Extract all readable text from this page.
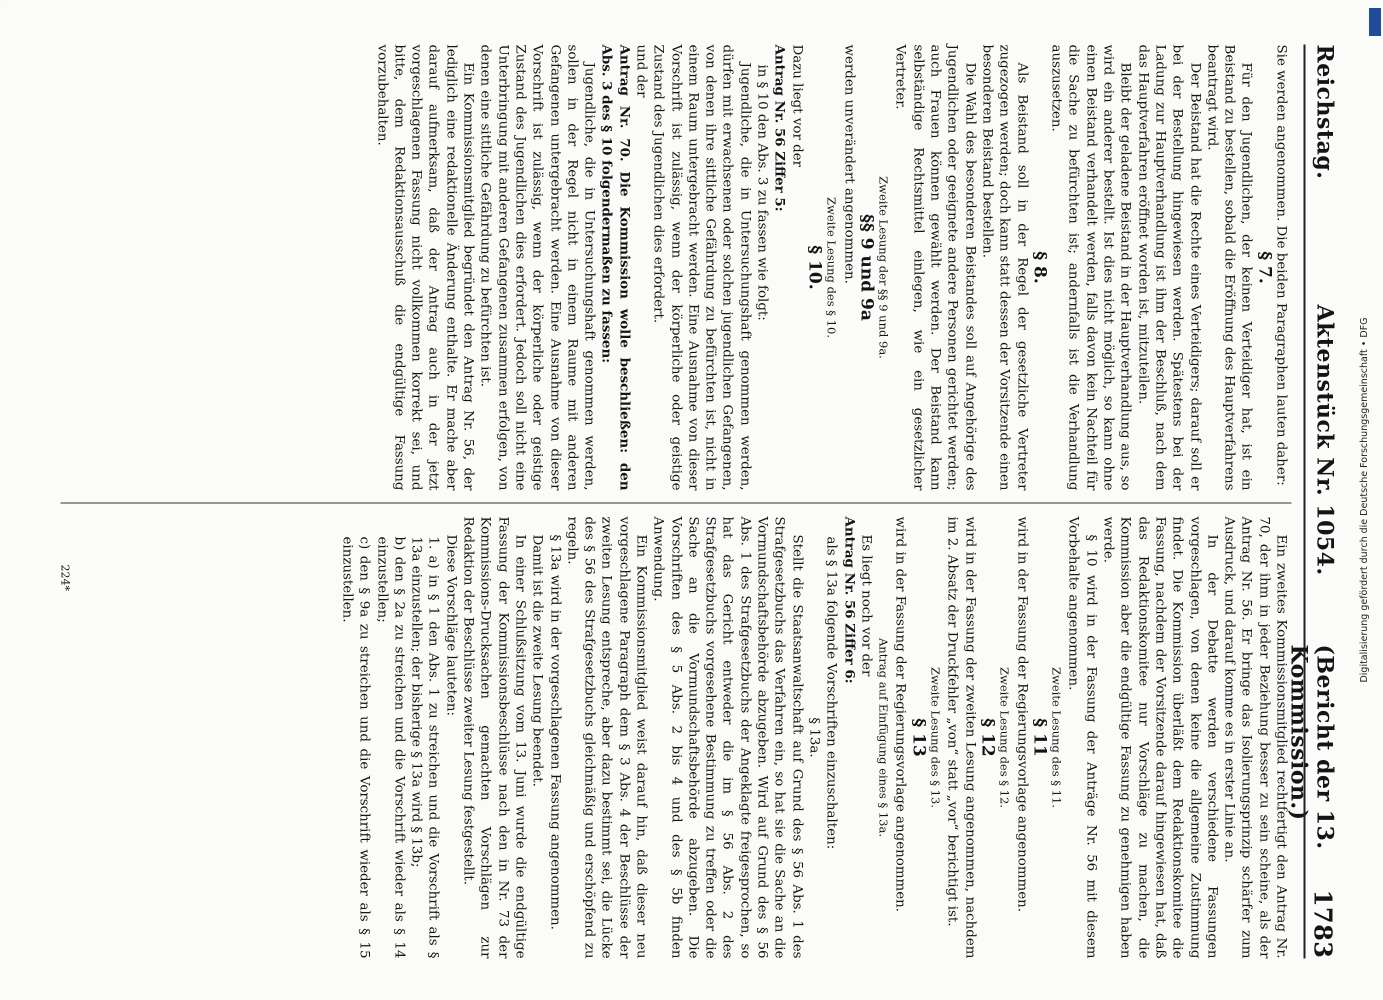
Reichstag.
Aktenstück Nr. 1054.
(Bericht der 13. Kommission.)
1783

Sie werden angenommen. Die beiden Paragraphen lauten daher:

§ 7.

Für den Jugendlichen, der keinen Verteidiger hat, ist ein Beistand zu bestellen, sobald die Eröffnung des Hauptverfahrens beantragt wird.

Der Beistand hat die Rechte eines Verteidigers; darauf soll er bei der Bestellung hingewiesen werden. Spätestens bei der Ladung zur Hauptverhandlung ist ihm der Beschluß, nach dem das Hauptverfahren eröffnet worden ist, mitzuteilen.

Bleibt der geladene Beistand in der Hauptverhandlung aus, so wird ein anderer bestellt. Ist dies nicht möglich, so kann ohne einen Beistand verhandelt werden, falls davon kein Nachteil für die Sache zu befürchten ist; andernfalls ist die Verhandlung auszusetzen.

§ 8.

Als Beistand soll in der Regel der gesetzliche Vertreter zugezogen werden; doch kann statt dessen der Vorsitzende einen besonderen Beistand bestellen.

Die Wahl des besonderen Beistandes soll auf Angehörige des Jugendlichen oder geeignete andere Personen gerichtet werden; auch Frauen können gewählt werden. Der Beistand kann selbständige Rechtsmittel einlegen, wie ein gesetzlicher Vertreter.

Zweite Lesung der §§ 9 und 9a.

§§ 9 und 9a

werden unverändert angenommen.

Zweite Lesung des § 10.

§ 10.

Dazu liegt vor der

Antrag Nr. 56 Ziffer 5:

in § 10 den Abs. 3 zu fassen wie folgt:

Jugendliche, die in Untersuchungshaft genommen werden, dürfen mit erwachsenen oder solchen jugendlichen Gefangenen, von denen ihre sittliche Gefährdung zu befürchten ist, nicht in einem Raum untergebracht werden. Eine Ausnahme von dieser Vorschrift ist zulässig, wenn der körperliche oder geistige Zustand des Jugendlichen dies erfordert.

und der

Antrag Nr. 70. Die Kommission wolle beschließen: den Abs. 3 des § 10 folgendermaßen zu fassen:

Jugendliche, die in Untersuchungshaft genommen werden, sollen in der Regel nicht in einem Raume mit anderen Gefangenen untergebracht werden. Eine Ausnahme von dieser Vorschrift ist zulässig, wenn der körperliche oder geistige Zustand des Jugendlichen dies erfordert. Jedoch soll nicht eine Unterbringung mit anderen Gefangenen zusammen erfolgen, von denen eine sittliche Gefährdung zu befürchten ist.

Ein Kommissionsmitglied begründet den Antrag Nr. 56, der lediglich eine redaktionelle Änderung enthalte. Er mache aber darauf aufmerksam, daß der Antrag auch in der jetzt vorgeschlagenen Fassung nicht vollkommen korrekt sei, und bitte, dem Redaktionsausschuß die endgültige Fassung vorzubehalten.

Ein zweites Kommissionsmitglied rechtfertigt den Antrag Nr. 70, der ihm in jeder Beziehung besser zu sein scheine, als der Antrag Nr. 56. Er bringe das Isolierungsprinzip schärfer zum Ausdruck, und darauf komme es in erster Linie an.

In der Debatte werden verschiedene Fassungen vorgeschlagen, von denen keine die allgemeine Zustimmung findet. Die Kommission überläßt dem Redaktionskomitee die Fassung, nachdem der Vorsitzende darauf hingewiesen hat, daß das Redaktionskomitee nur Vorschläge zu machen, die Kommission aber die endgültige Fassung zu genehmigen haben werde.

§ 10 wird in der Fassung der Anträge Nr. 56 mit diesem Vorbehalte angenommen.

Zweite Lesung des § 11.

§ 11

wird in der Fassung der Regierungsvorlage angenommen.

Zweite Lesung des § 12.

§ 12

wird in der Fassung der zweiten Lesung angenommen, nachdem im 2. Absatz der Druckfehler „von“ statt „vor“ berichtigt ist.

Zweite Lesung des § 13.

§ 13

wird in der Fassung der Regierungsvorlage angenommen.

Antrag auf Einfügung eines § 13a.

Es liegt noch vor der

Antrag Nr. 56 Ziffer 6:

als § 13a folgende Vorschriften einzuschalten:

§ 13a.

Stellt die Staatsanwaltschaft auf Grund des § 56 Abs. 1 des Strafgesetzbuchs das Verfahren ein, so hat sie die Sache an die Vormundschaftsbehörde abzugeben. Wird auf Grund des § 56 Abs. 1 des Strafgesetzbuchs der Angeklagte freigesprochen, so hat das Gericht entweder die im § 56 Abs. 2 des Strafgesetzbuchs vorgesehene Bestimmung zu treffen oder die Sache an die Vormundschaftsbehörde abzugeben. Die Vorschriften des § 5 Abs. 2 bis 4 und des § 5b finden Anwendung.

Ein Kommissionsmitglied weist darauf hin, daß dieser neu vorgeschlagene Paragraph dem § 3 Abs. 4 der Beschlüsse der zweiten Lesung entspreche, aber dazu bestimmt sei, die Lücke des § 56 des Strafgesetzbuchs gleichmäßig und erschöpfend zu regeln.

§ 13a wird in der vorgeschlagenen Fassung angenommen.

Damit ist die zweite Lesung beendet.

In einer Schlußsitzung vom 13. Juni wurde die endgültige Fassung der Kommissionsbeschlüsse nach den in Nr. 73 der Kommissions-Drucksachen gemachten Vorschlägen zur Redaktion der Beschlüsse zweiter Lesung festgestellt.

Diese Vorschläge lauteten:

1. a) in § 1 den Abs. 1 zu streichen und die Vorschrift als § 13a einzustellen; der bisherige § 13a wird § 13b;

b) den § 2a zu streichen und die Vorschrift wieder als § 14 einzustellen;

c) den § 9a zu streichen und die Vorschrift wieder als § 15 einzustellen.

224*	Digitalisierung gefördert durch die Deutsche Forschungsgemeinschaft • DFG
